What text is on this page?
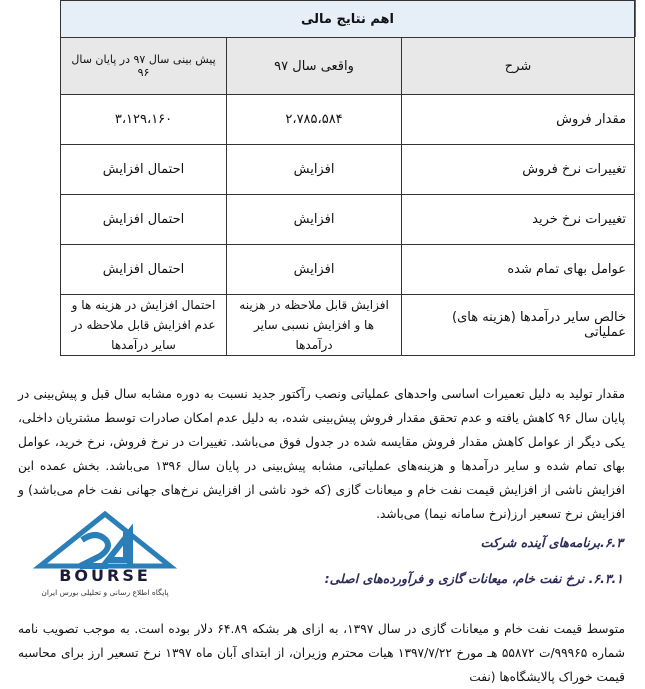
اهم نتایج مالی		
شرح	واقعی سال ۹۷	پیش بینی سال ۹۷ در پایان سال ۹۶
مقدار فروش	۲،۷۸۵،۵۸۴	۳،۱۲۹،۱۶۰
تغییرات نرخ فروش	افزایش	احتمال افزایش
تغییرات نرخ خرید	افزایش	احتمال افزایش
عوامل بهای تمام شده	افزایش	احتمال افزایش
خالص سایر درآمدها (هزینه های) عملیاتی	افزایش قابل ملاحظه در هزینه ها و افزایش نسبی سایر درآمدها	احتمال افزایش در هزینه ها و عدم افزایش قابل ملاحظه در سایر درآمدها

مقدار تولید به دلیل تعمیرات اساسی واحدهای عملیاتی ونصب رآکتور جدید نسبت به دوره مشابه سال قبل و پیش‌بینی در پایان سال ۹۶ کاهش یافته و عدم تحقق مقدار فروش پیش‌بینی شده، به دلیل عدم امکان صادرات توسط مشتریان داخلی، یکی دیگر از عوامل کاهش مقدار فروش مقایسه شده در جدول فوق می‌باشد. تغییرات در نرخ فروش، نرخ خرید، عوامل بهای تمام شده و سایر درآمدها و هزینه‌های عملیاتی، مشابه پیش‌بینی در پایان سال ۱۳۹۶ می‌باشد. بخش عمده این افزایش ناشی از افزایش قیمت نفت خام و میعانات گازی (که خود ناشی از افزایش نرخ‌های جهانی نفت خام می‌باشد) و افزایش نرخ تسعیر ارز(نرخ سامانه نیما) می‌باشد.

BOURSE
پایگاه اطلاع رسانی و تحلیلی بورس ایران
۶.۳.برنامه‌های آینده شرکت
۶.۳.۱. نرخ نفت خام، میعانات گازی و فرآورده‌های اصلی:

متوسط قیمت نفت خام و میعانات گازی در سال ۱۳۹۷، به ازای هر بشکه ۶۴.۸۹ دلار بوده است. به موجب تصویب نامه شماره ۹۹۹۶۵/ت ۵۵۸۷۲ هـ مورخ ۱۳۹۷/۷/۲۲ هیات محترم وزیران، از ابتدای آبان ماه ۱۳۹۷ نرخ تسعیر ارز برای محاسبه قیمت خوراک پالایشگاه‌ها (نفت
